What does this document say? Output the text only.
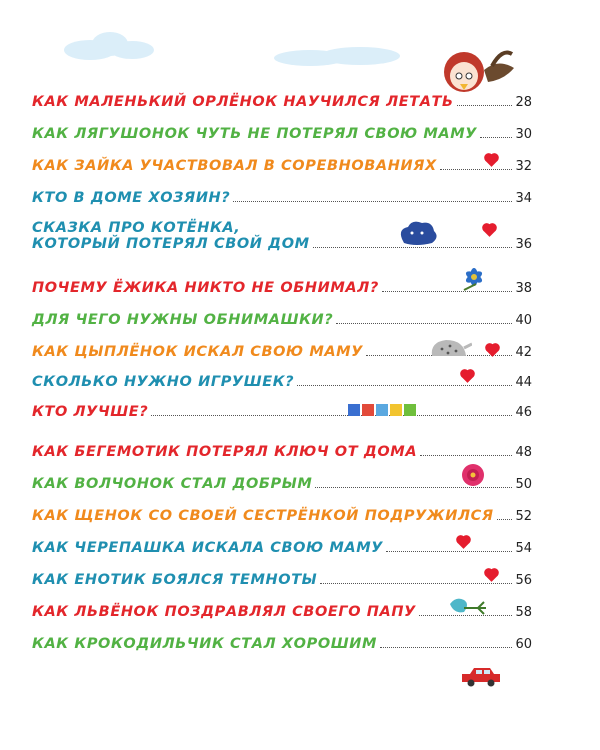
КАК МАЛЕНЬКИЙ ОРЛЁНОК НАУЧИЛСЯ ЛЕТАТЬ	28
КАК ЛЯГУШОНОК ЧУТЬ НЕ ПОТЕРЯЛ СВОЮ МАМУ	30
КАК ЗАЙКА УЧАСТВОВАЛ В СОРЕВНОВАНИЯХ	32
КТО В ДОМЕ ХОЗЯИН?	34
СКАЗКА ПРО КОТЁНКА,
КОТОРЫЙ ПОТЕРЯЛ СВОЙ ДОМ	36
ПОЧЕМУ ЁЖИКА НИКТО НЕ ОБНИМАЛ?	38
ДЛЯ ЧЕГО НУЖНЫ ОБНИМАШКИ?	40
КАК ЦЫПЛЁНОК ИСКАЛ СВОЮ МАМУ	42
СКОЛЬКО НУЖНО ИГРУШЕК?	44
КТО ЛУЧШЕ?	46
КАК БЕГЕМОТИК ПОТЕРЯЛ КЛЮЧ ОТ ДОМА	48
КАК ВОЛЧОНОК СТАЛ ДОБРЫМ	50
КАК ЩЕНОК СО СВОЕЙ СЕСТРЁНКОЙ ПОДРУЖИЛСЯ 52
КАК ЧЕРЕПАШКА ИСКАЛА СВОЮ МАМУ	54
КАК ЕНОТИК БОЯЛСЯ ТЕМНОТЫ	56
КАК ЛЬВЁНОК ПОЗДРАВЛЯЛ СВОЕГО ПАПУ	58
КАК КРОКОДИЛЬЧИК СТАЛ ХОРОШИМ	60
